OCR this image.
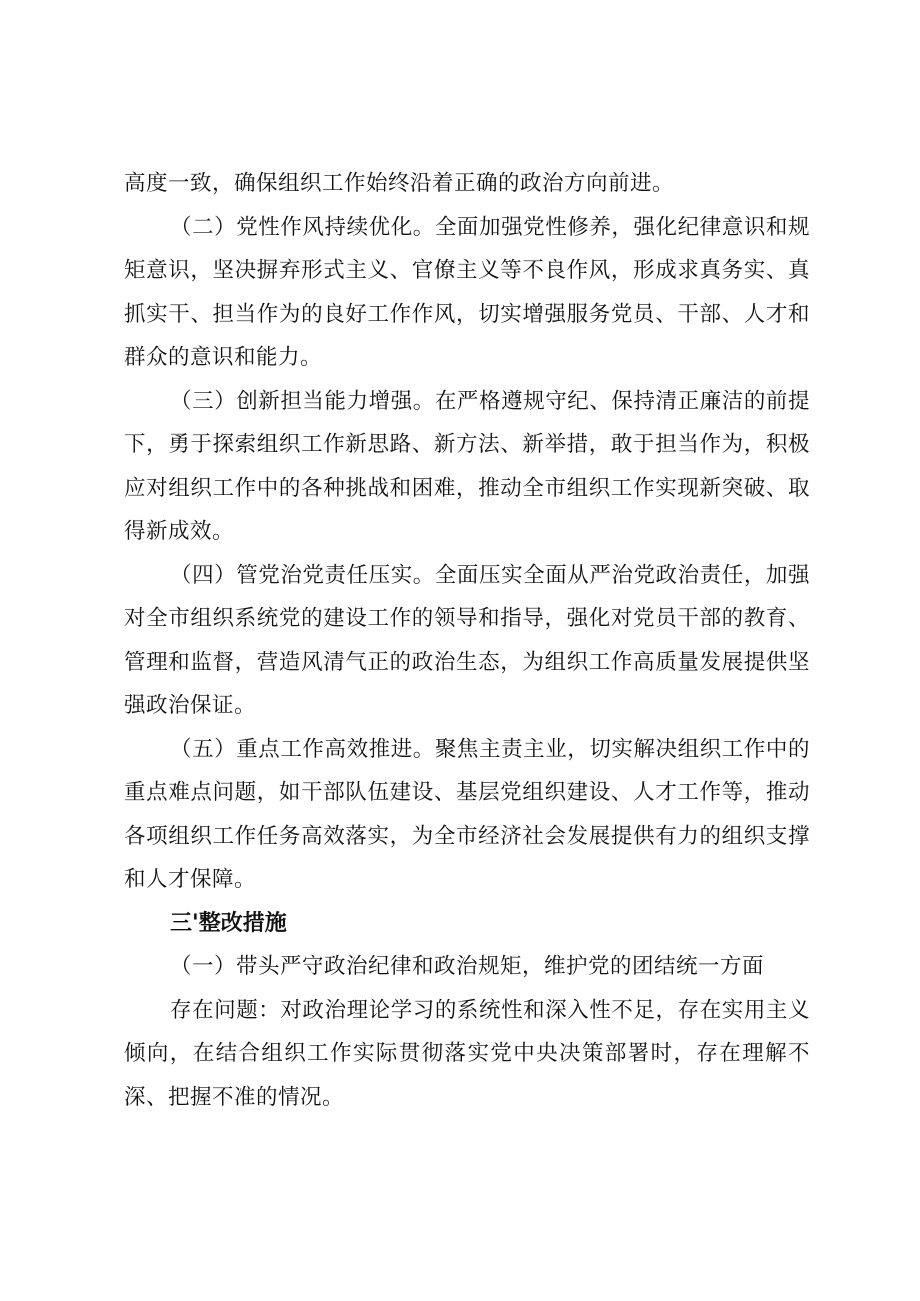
高度一致，确保组织工作始终沿着正确的政治方向前进。

（二）党性作风持续优化。全面加强党性修养，强化纪律意识和规矩意识，坚决摒弃形式主义、官僚主义等不良作风，形成求真务实、真抓实干、担当作为的良好工作作风，切实增强服务党员、干部、人才和群众的意识和能力。

（三）创新担当能力增强。在严格遵规守纪、保持清正廉洁的前提下，勇于探索组织工作新思路、新方法、新举措，敢于担当作为，积极应对组织工作中的各种挑战和困难，推动全市组织工作实现新突破、取得新成效。

（四）管党治党责任压实。全面压实全面从严治党政治责任，加强对全市组织系统党的建设工作的领导和指导，强化对党员干部的教育、管理和监督，营造风清气正的政治生态，为组织工作高质量发展提供坚强政治保证。

（五）重点工作高效推进。聚焦主责主业，切实解决组织工作中的重点难点问题，如干部队伍建设、基层党组织建设、人才工作等，推动各项组织工作任务高效落实，为全市经济社会发展提供有力的组织支撑和人才保障。

三'整改措施

（一）带头严守政治纪律和政治规矩，维护党的团结统一方面

存在问题：对政治理论学习的系统性和深入性不足，存在实用主义倾向，在结合组织工作实际贯彻落实党中央决策部署时，存在理解不深、把握不准的情况。
